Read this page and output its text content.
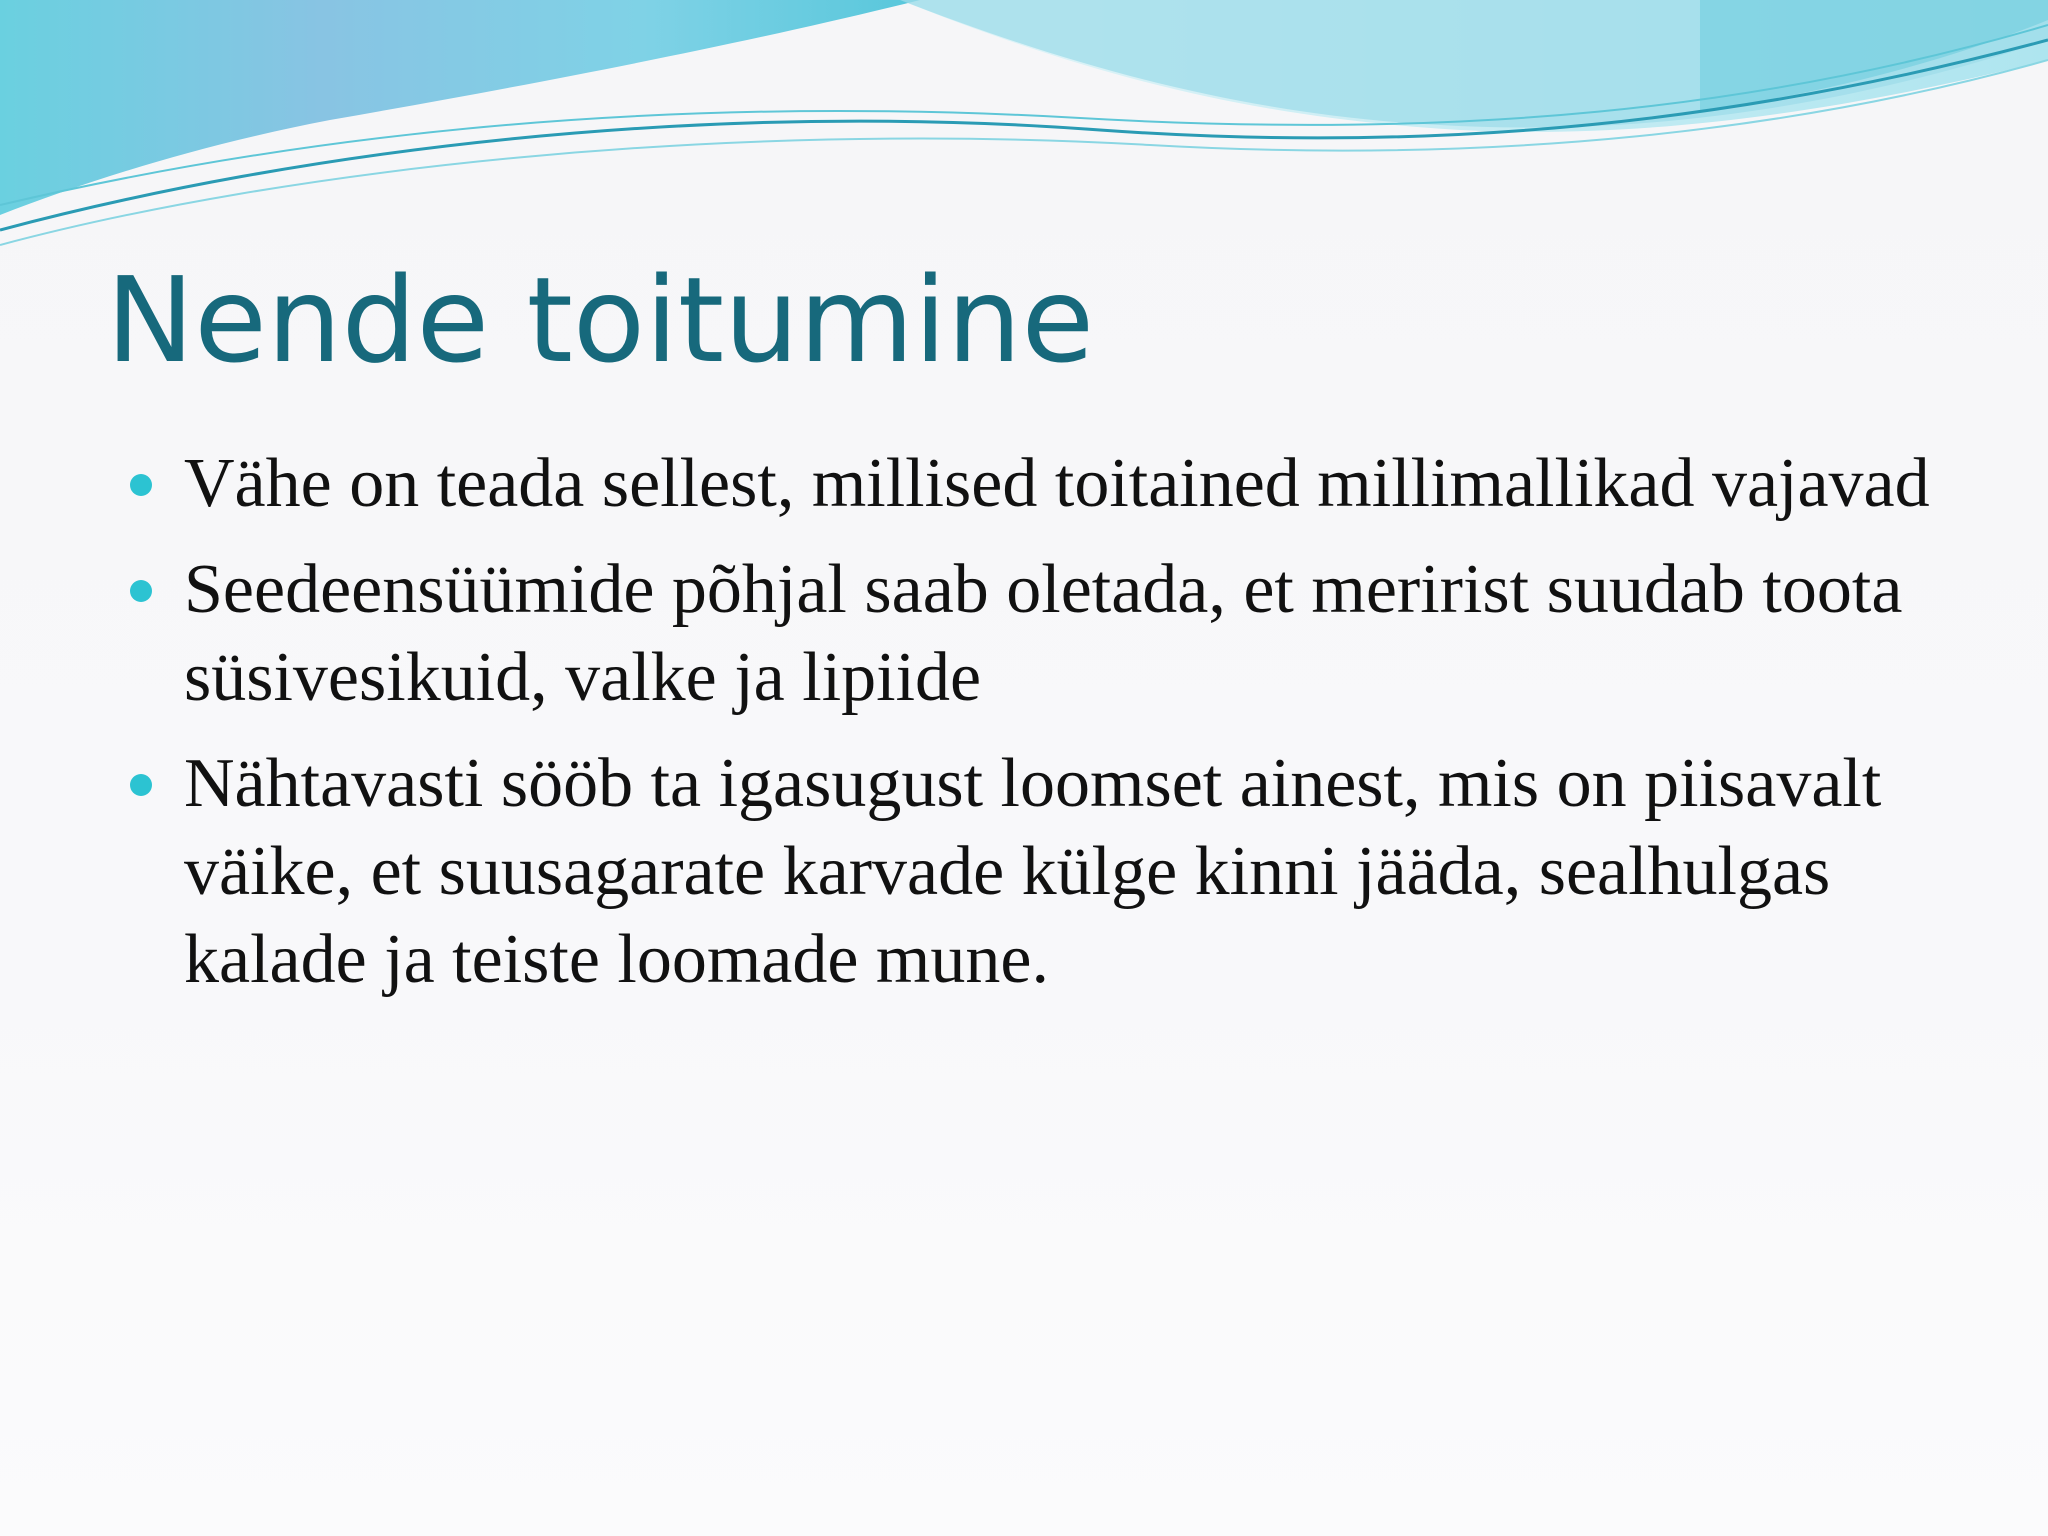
Nende toitumine
Vähe on teada sellest, millised toitained millimallikad vajavad
Seedeensüümide põhjal saab oletada, et meririst suudab toota süsivesikuid, valke ja lipiide
Nähtavasti sööb ta igasugust loomset ainest, mis on piisavalt väike, et suusagarate karvade külge kinni jääda, sealhulgas kalade ja teiste loomade mune.
